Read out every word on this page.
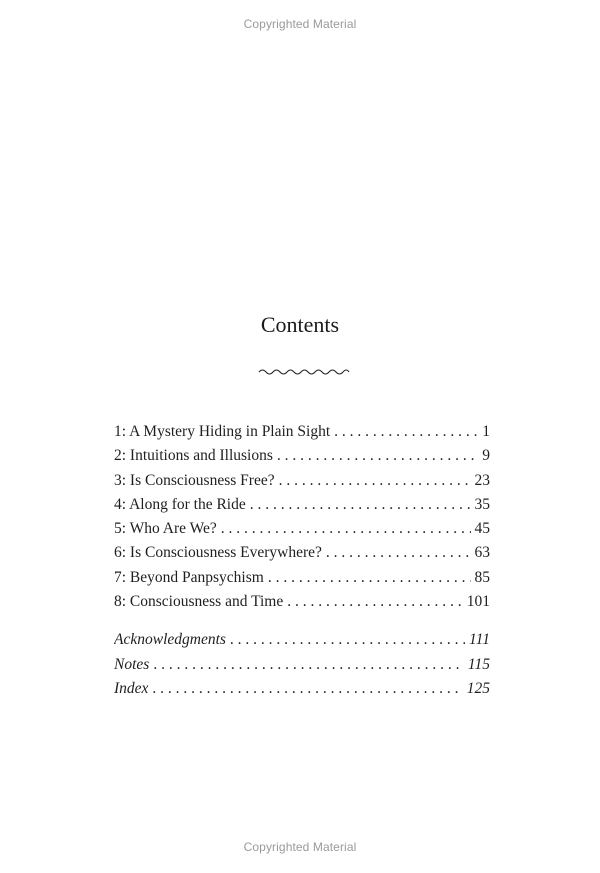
Copyrighted Material
Contents
1: A Mystery Hiding in Plain Sight . . .	1
2: Intuitions and Illusions . . .	9
3: Is Consciousness Free? . . .	23
4: Along for the Ride . . .	35
5: Who Are We? . . .	45
6: Is Consciousness Everywhere? . . .	63
7: Beyond Panpsychism . . .	85
8: Consciousness and Time . . .	101
Acknowledgments . . .	111
Notes . . .	115
Index . . .	125
Copyrighted Material
